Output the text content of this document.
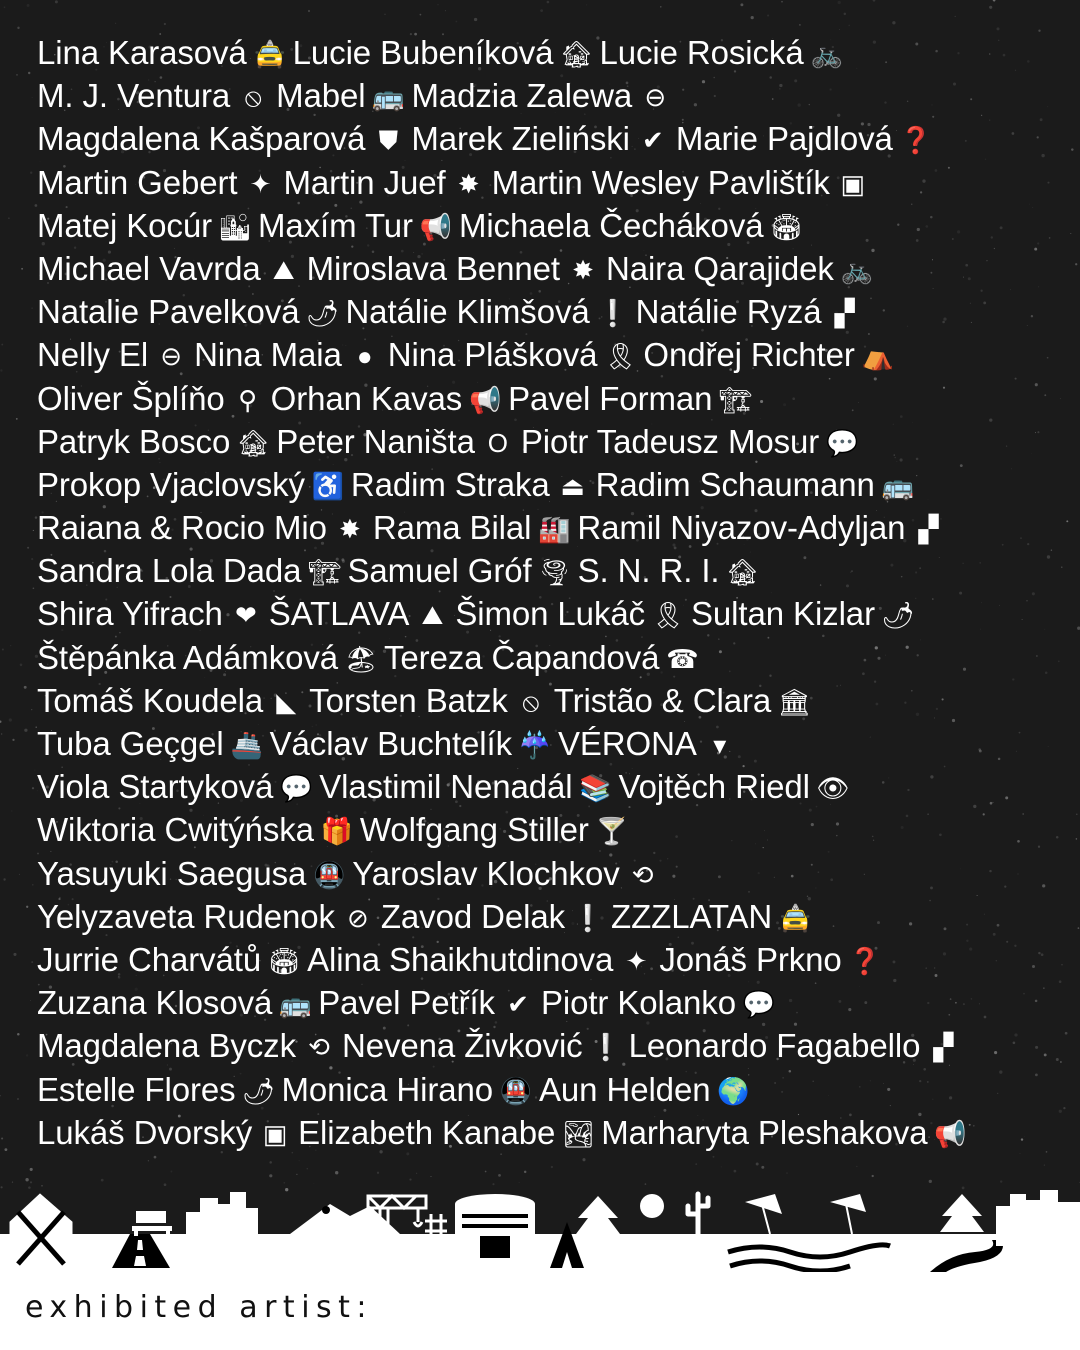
Lina Karasová 🚖 Lucie Bubeníková 🏚 Lucie Rosická 🚲
M. J. Ventura ⦸ Mabel 🚌 Madzia Zalewa ⊖
Magdalena Kašparová ⛊ Marek Zieliński ✔ Marie Pajdlová ❓
Martin Gebert ✦ Martin Juef ✸ Martin Wesley Pavlištík ▣
Matej Kocúr 🏙 Maxím Tur 📢 Michaela Čecháková 🏟
Michael Vavrda ⛰ Miroslava Bennet ✸ Naira Qarajidek 🚲
Natalie Pavelková 🌶 Natálie Klimšová ❕ Natálie Ryzá ▞
Nelly El ⊖ Nina Maia ● Nina Plášková 🎗 Ondřej Richter ⛺
Oliver Šplíňo ⚲ Orhan Kavas 📢 Pavel Forman 🏗
Patryk Bosco 🏚 Peter Naništa O Piotr Tadeusz Mosur 💬
Prokop Vjaclovský ♿ Radim Straka ⏏ Radim Schaumann 🚌
Raiana & Rocio Mio ✸ Rama Bilal 🏭 Ramil Niyazov-Adyljan ▞
Sandra Lola Dada 🏗 Samuel Gróf 🌪 S. N. R. I. 🏚
Shira Yifrach ❤ ŠATLAVA ⛰ Šimon Lukáč 🎗 Sultan Kizlar 🌶
Štěpánka Adámková 🏖 Tereza Čapandová ☎
Tomáš Koudela ◣ Torsten Batzk ⦸ Tristão & Clara 🏛
Tuba Geçgel 🚢 Václav Buchtelík ☔ VÉRONA ▾
Viola Startyková 💬 Vlastimil Nenadál 📚 Vojtěch Riedl 👁
Wiktoria Cwitýńska 🎁 Wolfgang Stiller 🍸
Yasuyuki Saegusa 🚇 Yaroslav Klochkov ⟲
Yelyzaveta Rudenok ⊘ Zavod Delak ❕ ZZZLATAN 🚖
Jurrie Charvátů 🏟 Alina Shaikhutdinova ✦ Jonáš Prkno ❓
Zuzana Klosová 🚌 Pavel Petřík ✔ Piotr Kolanko 💬
Magdalena Byczk ⟲ Nevena Živković ❕ Leonardo Fagabello ▞
Estelle Flores 🌶 Monica Hirano 🚇 Aun Helden 🌍
Lukáš Dvorský ▣ Elizabeth Kanabe 🏞 Marharyta Pleshakova 📢
exhibited artist:
